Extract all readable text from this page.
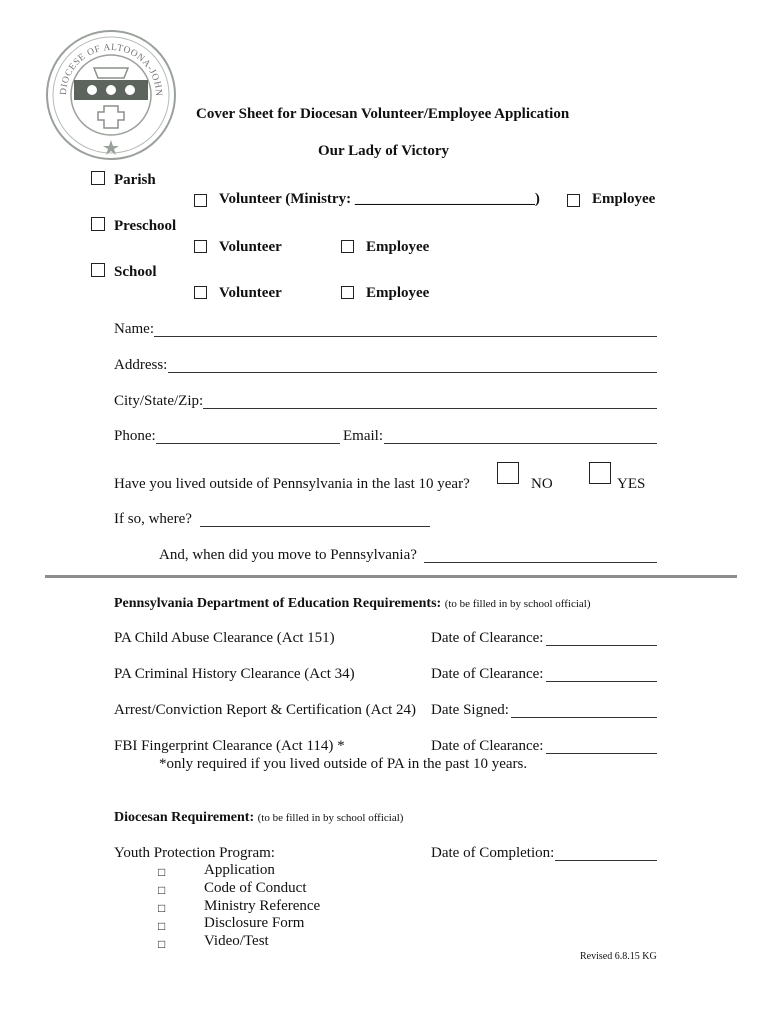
DIOCESE OF ALTOONA-JOHN
Cover Sheet for Diocesan Volunteer/Employee Application
Our Lady of Victory
Parish
Volunteer (Ministry: ________________________)	Employee
Preschool
Volunteer	Employee
School
Volunteer	Employee
Name:
Address:
City/State/Zip:
Phone:	Email:
Have you lived outside of Pennsylvania in the last 10 year?	NO	YES
If so, where?
And, when did you move to Pennsylvania?
Pennsylvania Department of Education Requirements: (to be filled in by school official)
PA Child Abuse Clearance (Act 151)	Date of Clearance:
PA Criminal History Clearance (Act 34)	Date of Clearance:
Arrest/Conviction Report & Certification (Act 24) Date Signed:
FBI Fingerprint Clearance (Act 114) *	Date of Clearance:
*only required if you lived outside of PA in the past 10 years.
Diocesan Requirement: (to be filled in by school official)
Youth Protection Program:	Date of Completion:
□	Application
□	Code of Conduct
□	Ministry Reference
□	Disclosure Form
□	Video/Test
Revised 6.8.15 KG
